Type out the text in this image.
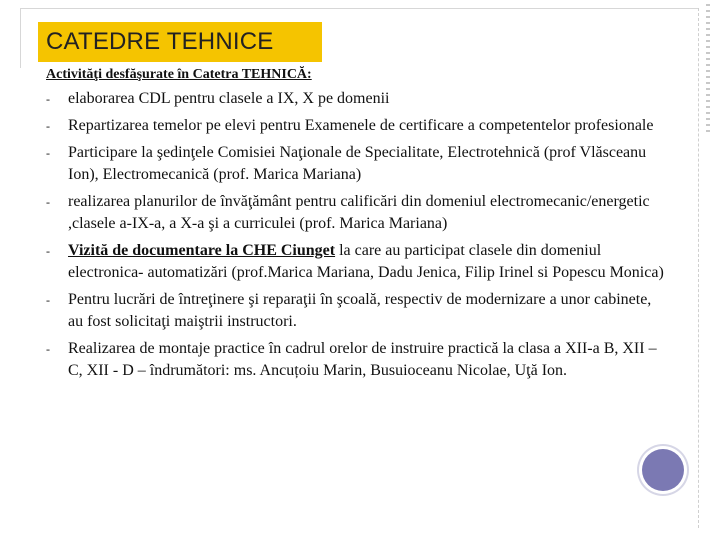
CATEDRE TEHNICE
Activităţi desfăşurate în Catetra TEHNICĂ:
-	elaborarea CDL pentru clasele a IX, X pe domenii
-	Repartizarea temelor pe elevi pentru Examenele de certificare a competentelor profesionale
-	Participare la şedinţele Comisiei Naţionale de Specialitate, Electrotehnică (prof Vlăsceanu Ion), Electromecanică (prof. Marica Mariana)
-	realizarea planurilor de învăţământ pentru calificări din domeniul electromecanic/energetic ,clasele a-IX-a, a X-a şi a curriculei (prof. Marica Mariana)
-	Vizită de documentare la CHE Ciunget la care au participat clasele din domeniul electronica- automatizări (prof.Marica Mariana, Dadu Jenica, Filip Irinel si Popescu Monica)
-	Pentru lucrări de întreţinere şi reparaţii în şcoală, respectiv de modernizare a unor cabinete, au fost solicitaţi maiştrii instructori.
-	Realizarea de montaje practice în cadrul orelor de instruire practică la clasa a XII-a B, XII – C, XII - D – îndrumători: ms. Ancuțoiu Marin, Busuioceanu Nicolae, Uţă Ion.
